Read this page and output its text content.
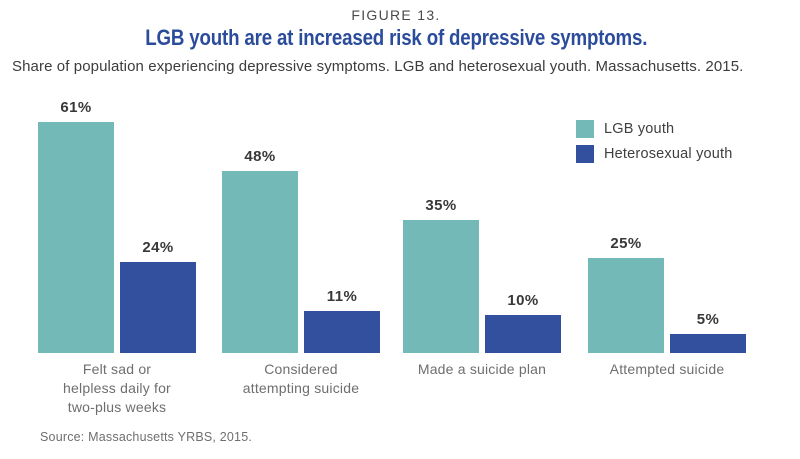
FIGURE 13.
LGB youth are at increased risk of depressive symptoms.
Share of population experiencing depressive symptoms. LGB and heterosexual youth. Massachusetts. 2015.
61%
24%
48%
11%
35%
10%
25%
5%
LGB youth
Heterosexual youth
Source: Massachusetts YRBS, 2015.
Felt sad or
helpless daily for
two-plus weeks
Considered
attempting suicide
Made a suicide plan	Attempted suicide
